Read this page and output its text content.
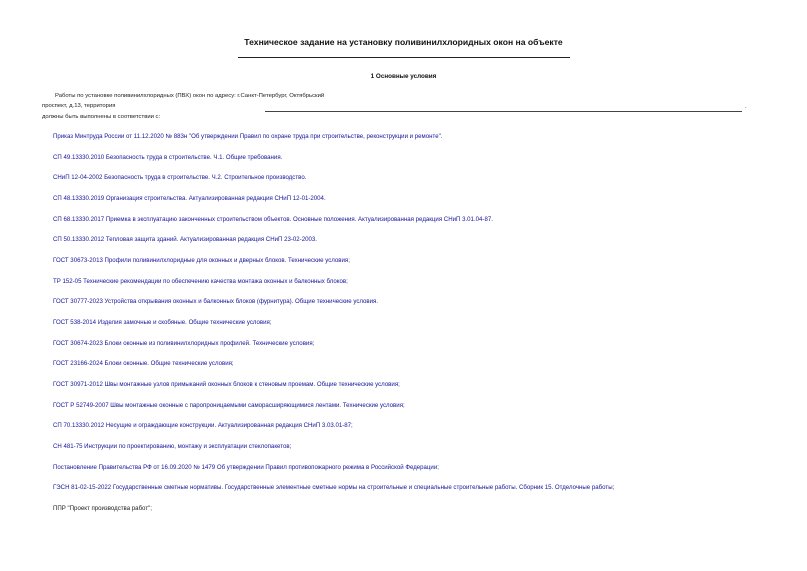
Техническое задание на установку поливинилхлоридных окон на объекте
1 Основные условия
Работы по установке поливинилхлоридных (ПВХ) окон по адресу: г.Санкт-Петербург, Октябрьский
проспект, д.13, территория	.
должны быть выполнены в соответствии с:
Приказ Минтруда России от 11.12.2020 № 883н "Об утверждении Правил по охране труда при строительстве, реконструкции и ремонте".
СП 49.13330.2010 Безопасность труда в строительстве. Ч.1. Общие требования.
СНиП 12-04-2002 Безопасность труда в строительстве. Ч.2. Строительное производство.
СП 48.13330.2019 Организация строительства. Актуализированная редакция СНиП 12-01-2004.
СП 68.13330.2017 Приемка в эксплуатацию законченных строительством объектов. Основные положения. Актуализированная редакция СНиП 3.01.04-87.
СП 50.13330.2012 Тепловая защита зданий. Актуализированная редакция СНиП 23-02-2003.
ГОСТ 30673-2013 Профили поливинилхлоридные для оконных и дверных блоков. Технические условия;
ТР 152-05 Технические рекомендации по обеспечению качества монтажа оконных и балконных блоков;
ГОСТ 30777-2023 Устройства открывания оконных и балконных блоков (фурнитура). Общие технические условия.
ГОСТ 538-2014 Изделия замочные и скобяные. Общие технические условия;
ГОСТ 30674-2023 Блоки оконные из поливинилхлоридных профилей. Технические условия;
ГОСТ 23166-2024 Блоки оконные. Общие технические условия;
ГОСТ 30971-2012 Швы монтажные узлов примыканий оконных блоков к стеновым проемам. Общие технические условия;
ГОСТ Р 52749-2007 Швы монтажные оконные с паропроницаемыми саморасширяющимися лентами. Технические условия;
СП 70.13330.2012 Несущие и ограждающие конструкции. Актуализированная редакция СНиП 3.03.01-87;
СН 481-75 Инструкции по проектированию, монтажу и эксплуатации стеклопакетов;
Постановление Правительства РФ от 16.09.2020 № 1479 Об утверждении Правил противопожарного режима в Российской Федерации;
ГЭСН 81-02-15-2022 Государственные сметные нормативы. Государственные элементные сметные нормы на строительные и специальные строительные работы. Сборник 15. Отделочные работы;
ППР "Проект производства работ";
